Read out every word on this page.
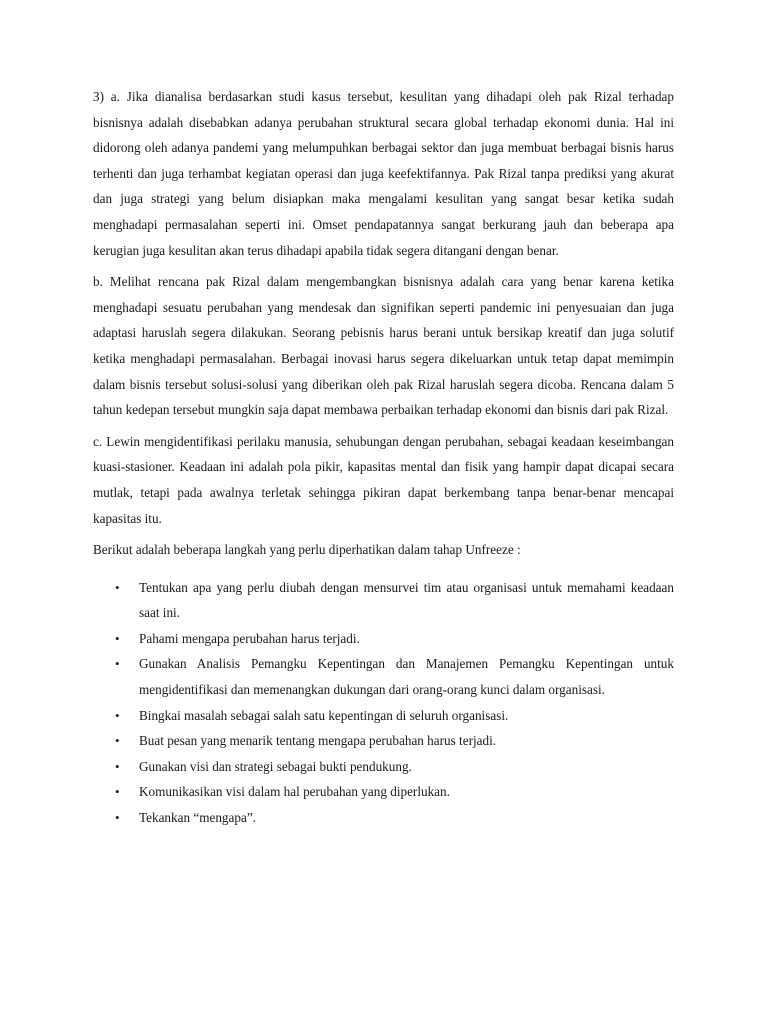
3) a. Jika dianalisa berdasarkan studi kasus tersebut, kesulitan yang dihadapi oleh pak Rizal terhadap bisnisnya adalah disebabkan adanya perubahan struktural secara global terhadap ekonomi dunia. Hal ini didorong oleh adanya pandemi yang melumpuhkan berbagai sektor dan juga membuat berbagai bisnis harus terhenti dan juga terhambat kegiatan operasi dan juga keefektifannya. Pak Rizal tanpa prediksi yang akurat dan juga strategi yang belum disiapkan maka mengalami kesulitan yang sangat besar ketika sudah menghadapi permasalahan seperti ini. Omset pendapatannya sangat berkurang jauh dan beberapa apa kerugian juga kesulitan akan terus dihadapi apabila tidak segera ditangani dengan benar.

b. Melihat rencana pak Rizal dalam mengembangkan bisnisnya adalah cara yang benar karena ketika menghadapi sesuatu perubahan yang mendesak dan signifikan seperti pandemic ini penyesuaian dan juga adaptasi haruslah segera dilakukan. Seorang pebisnis harus berani untuk bersikap kreatif dan juga solutif ketika menghadapi permasalahan. Berbagai inovasi harus segera dikeluarkan untuk tetap dapat memimpin dalam bisnis tersebut solusi-solusi yang diberikan oleh pak Rizal haruslah segera dicoba. Rencana dalam 5 tahun kedepan tersebut mungkin saja dapat membawa perbaikan terhadap ekonomi dan bisnis dari pak Rizal.

c. Lewin mengidentifikasi perilaku manusia, sehubungan dengan perubahan, sebagai keadaan keseimbangan kuasi-stasioner. Keadaan ini adalah pola pikir, kapasitas mental dan fisik yang hampir dapat dicapai secara mutlak, tetapi pada awalnya terletak sehingga pikiran dapat berkembang tanpa benar-benar mencapai kapasitas itu.

Berikut adalah beberapa langkah yang perlu diperhatikan dalam tahap Unfreeze :

• Tentukan apa yang perlu diubah dengan mensurvei tim atau organisasi untuk memahami keadaan saat ini.
• Pahami mengapa perubahan harus terjadi.
• Gunakan Analisis Pemangku Kepentingan dan Manajemen Pemangku Kepentingan untuk mengidentifikasi dan memenangkan dukungan dari orang-orang kunci dalam organisasi.
• Bingkai masalah sebagai salah satu kepentingan di seluruh organisasi.
• Buat pesan yang menarik tentang mengapa perubahan harus terjadi.
• Gunakan visi dan strategi sebagai bukti pendukung.
• Komunikasikan visi dalam hal perubahan yang diperlukan.
• Tekankan “mengapa”.
